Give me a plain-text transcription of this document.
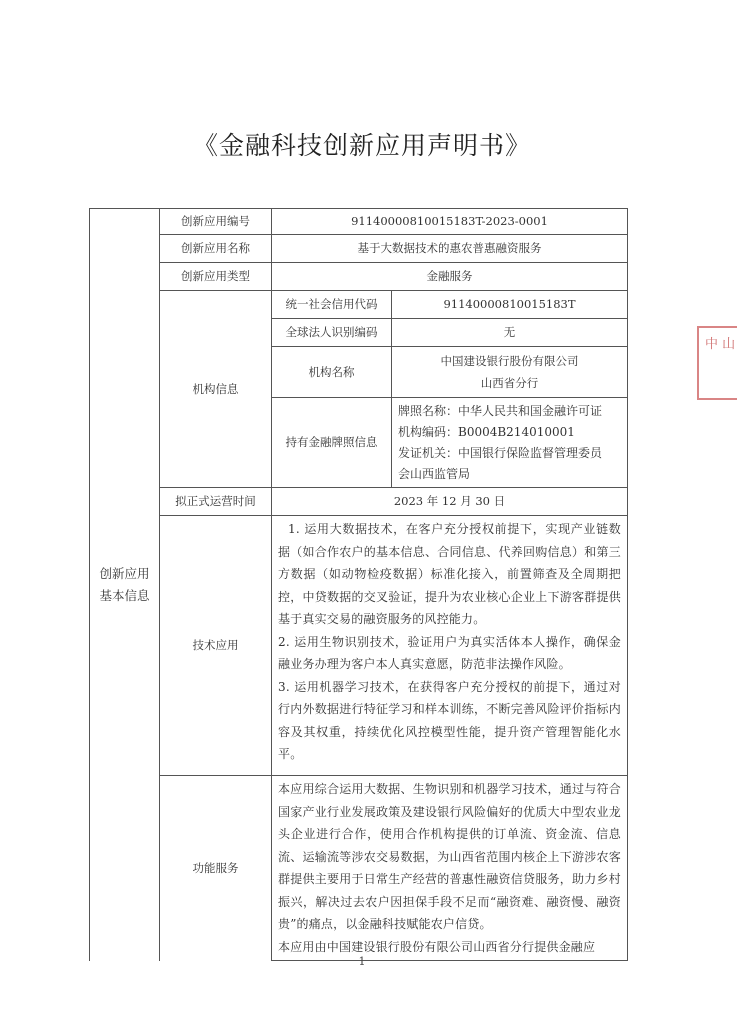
《金融科技创新应用声明书》
创新应用基本信息	创新应用编号	91140000810015183T-2023-0001	
	创新应用名称	基于大数据技术的惠农普惠融资服务	
	创新应用类型	金融服务	
	机构信息	统一社会信用代码	91140000810015183T
		全球法人识别编码	无
		机构名称	中国建设银行股份有限公司
山西省分行

		持有金融牌照信息	牌照名称：中华人民共和国金融许可证
机构编码：B0004B214010001
发证机关：中国银行保险监督管理委员
会山西监管局

	拟正式运营时间	2023 年 12 月 30 日	
	技术应用	1. 运用大数据技术，在客户充分授权前提下，实现产业链数据（如合作农户的基本信息、合同信息、代养回购信息）和第三方数据（如动物检疫数据）标准化接入，前置筛查及全周期把控，中贷数据的交叉验证，提升为农业核心企业上下游客群提供基于真实交易的融资服务的风控能力。
2. 运用生物识别技术，验证用户为真实活体本人操作，确保金融业务办理为客户本人真实意愿，防范非法操作风险。
3. 运用机器学习技术，在获得客户充分授权的前提下，通过对行内外数据进行特征学习和样本训练，不断完善风险评价指标内容及其权重，持续优化风控模型性能，提升资产管理智能化水平。	

	功能服务	本应用综合运用大数据、生物识别和机器学习技术，通过与符合国家产业行业发展政策及建设银行风险偏好的优质大中型农业龙头企业进行合作，使用合作机构提供的订单流、资金流、信息流、运输流等涉农交易数据，为山西省范围内核企上下游涉农客群提供主要用于日常生产经营的普惠性融资信贷服务，助力乡村振兴，解决过去农户因担保手段不足而“融资难、融资慢、融资贵”的痛点，以金融科技赋能农户信贷。
本应用由中国建设银行股份有限公司山西省分行提供金融应	
中 山
1
